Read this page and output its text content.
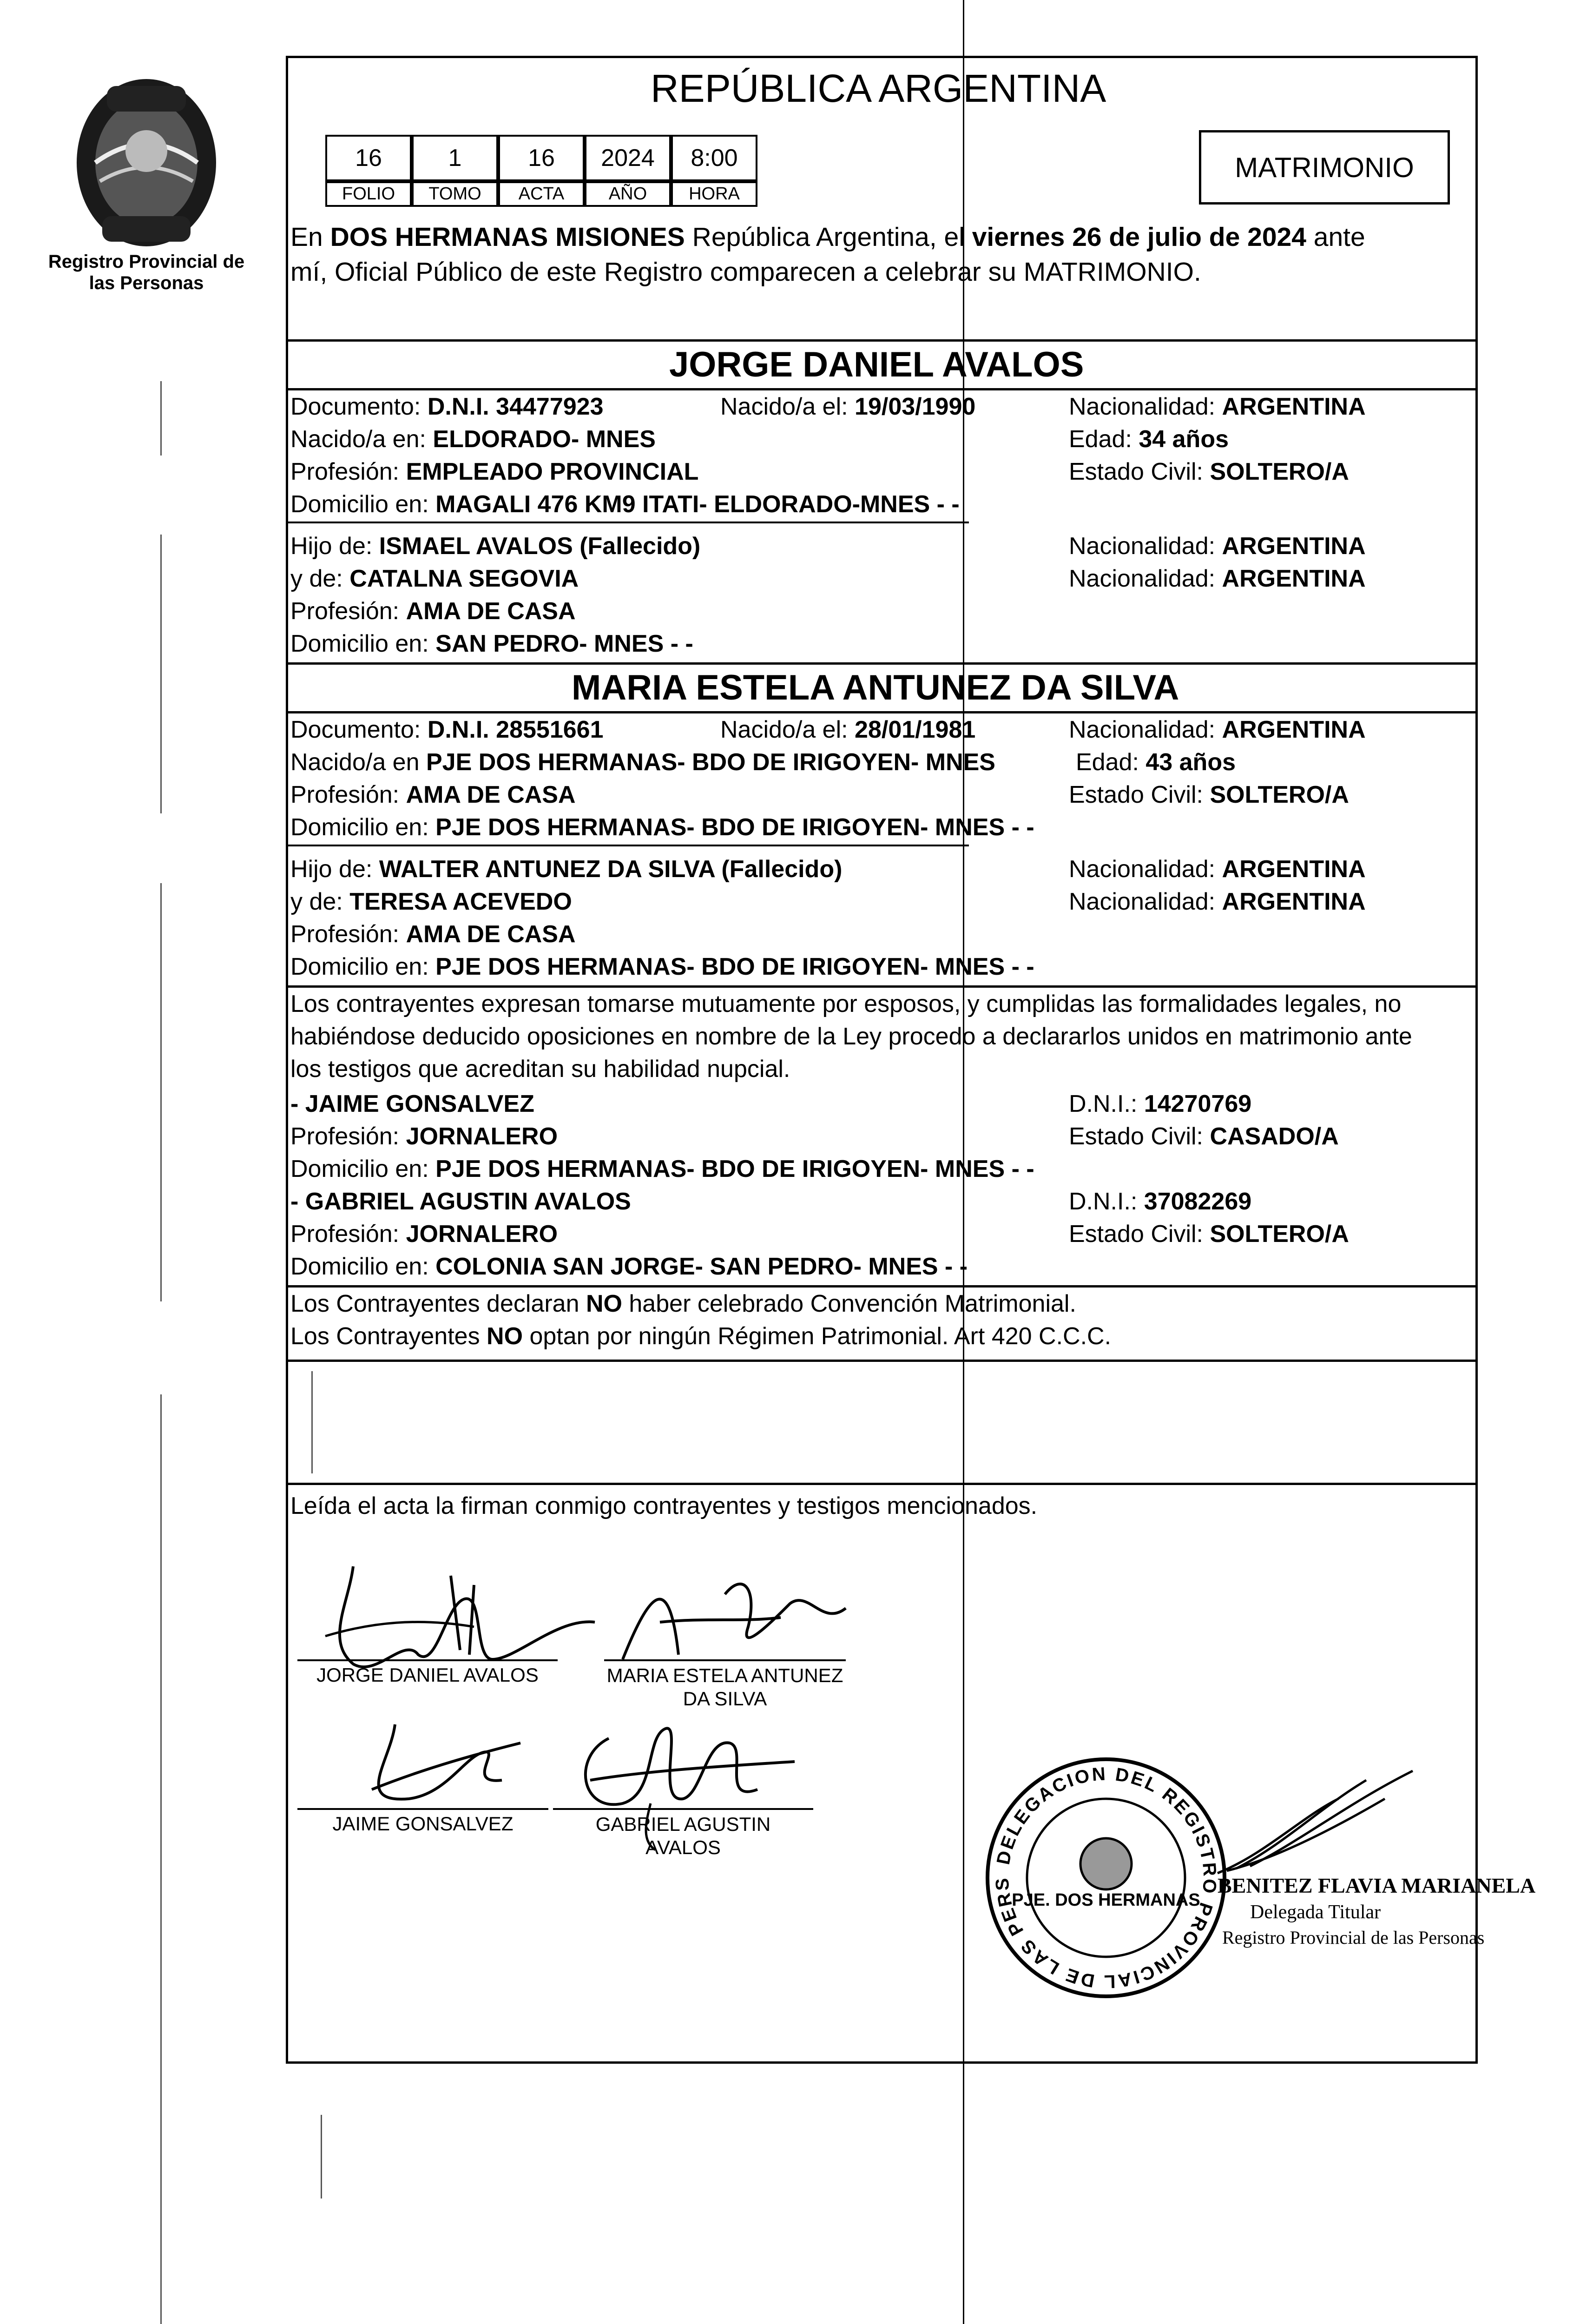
Registro Provincial de las Personas
REPÚBLICA ARGENTINA
16	1	16	2024	8:00
FOLIO	TOMO	ACTA	AÑO	HORA
MATRIMONIO
En DOS HERMANAS MISIONES República Argentina, el viernes 26 de julio de 2024 ante
mí, Oficial Público de este Registro comparecen a celebrar su MATRIMONIO.
JORGE DANIEL AVALOS
Documento: D.N.I. 34477923	Nacido/a el: 19/03/1990	Nacionalidad: ARGENTINA
Nacido/a en: ELDORADO- MNES	Edad: 34 años
Profesión: EMPLEADO PROVINCIAL	Estado Civil: SOLTERO/A
Domicilio en: MAGALI 476 KM9 ITATI- ELDORADO-MNES - -
Hijo de: ISMAEL AVALOS (Fallecido)	Nacionalidad: ARGENTINA
y de: CATALNA SEGOVIA	Nacionalidad: ARGENTINA
Profesión: AMA DE CASA
Domicilio en: SAN PEDRO- MNES - -
MARIA ESTELA ANTUNEZ DA SILVA
Documento: D.N.I. 28551661	Nacido/a el: 28/01/1981	Nacionalidad: ARGENTINA
Nacido/a en PJE DOS HERMANAS- BDO DE IRIGOYEN- MNES	Edad: 43 años
Profesión: AMA DE CASA	Estado Civil: SOLTERO/A
Domicilio en: PJE DOS HERMANAS- BDO DE IRIGOYEN- MNES - -
Hijo de: WALTER ANTUNEZ DA SILVA (Fallecido)	Nacionalidad: ARGENTINA
y de: TERESA ACEVEDO	Nacionalidad: ARGENTINA
Profesión: AMA DE CASA
Domicilio en: PJE DOS HERMANAS- BDO DE IRIGOYEN- MNES - -
Los contrayentes expresan tomarse mutuamente por esposos, y cumplidas las formalidades legales, no
habiéndose deducido oposiciones en nombre de la Ley procedo a declararlos unidos en matrimonio ante
los testigos que acreditan su habilidad nupcial.
- JAIME GONSALVEZ	D.N.I.: 14270769
Profesión: JORNALERO	Estado Civil: CASADO/A
Domicilio en: PJE DOS HERMANAS- BDO DE IRIGOYEN- MNES - -
- GABRIEL AGUSTIN AVALOS	D.N.I.: 37082269
Profesión: JORNALERO	Estado Civil: SOLTERO/A
Domicilio en: COLONIA SAN JORGE- SAN PEDRO- MNES - -
Los Contrayentes declaran NO haber celebrado Convención Matrimonial.
Los Contrayentes NO optan por ningún Régimen Patrimonial. Art 420 C.C.C.
Leída el acta la firman conmigo contrayentes y testigos mencionados.
JORGE DANIEL AVALOS	MARIA ESTELA ANTUNEZ
DA SILVA
JAIME GONSALVEZ	GABRIEL AGUSTIN
AVALOS
PJE. DOS HERMANAS
DELEGACION DEL REGISTRO PROVINCIAL DE LAS PERS	BENITEZ FLAVIA MARIANELA
Delegada Titular
Registro Provincial de las Personas
